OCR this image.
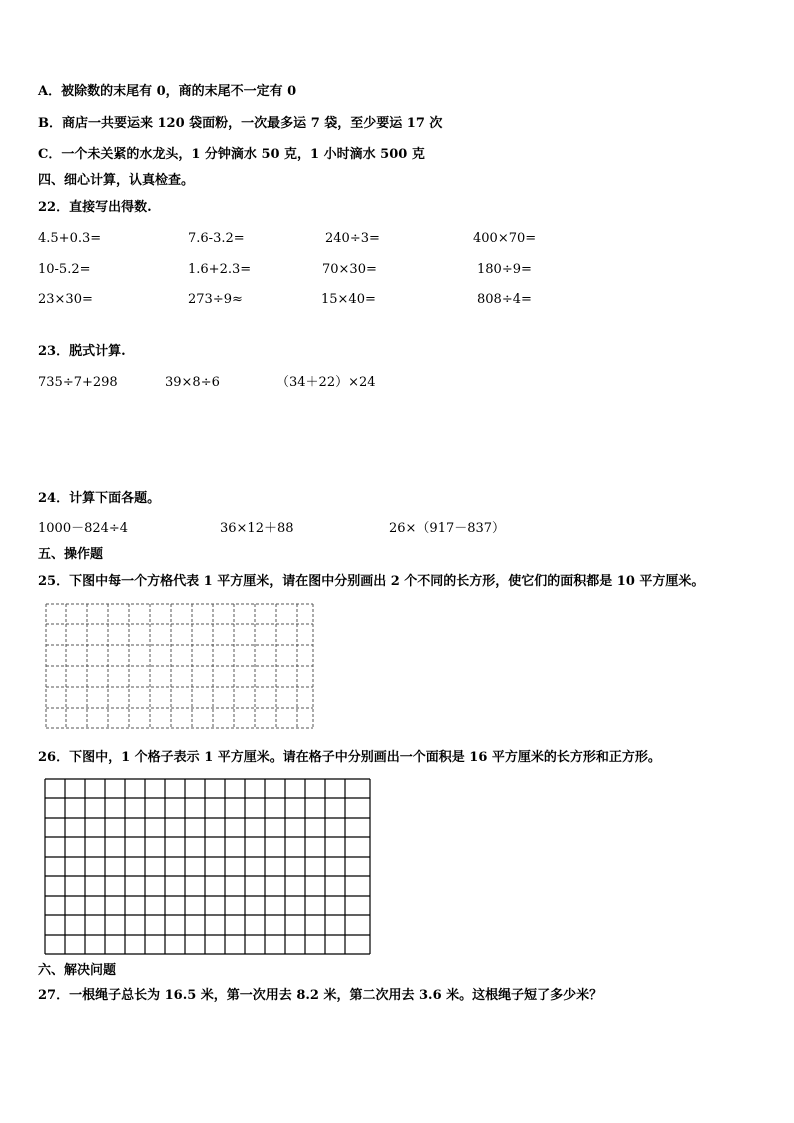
A．被除数的末尾有 0，商的末尾不一定有 0
B．商店一共要运来 120 袋面粉，一次最多运 7 袋，至少要运 17 次
C．一个未关紧的水龙头，1 分钟滴水 50 克，1 小时滴水 500 克
四、细心计算，认真检查。
22．直接写出得数.
4.5+0.3=	7.6-3.2=	240÷3=	400×70=
10-5.2=	1.6+2.3=	70×30=	180÷9=
23×30=	273÷9≈	15×40=	808÷4=
23．脱式计算.
735÷7+298	39×8÷6	（34＋22）×24
24．计算下面各题。
1000－824÷4	36×12＋88	26×（917－837）
五、操作题
25．下图中每一个方格代表 1 平方厘米，请在图中分别画出 2 个不同的长方形，使它们的面积都是 10 平方厘米。
26．下图中，1 个格子表示 1 平方厘米。请在格子中分别画出一个面积是 16 平方厘米的长方形和正方形。
六、解决问题
27．一根绳子总长为 16.5 米，第一次用去 8.2 米，第二次用去 3.6 米。这根绳子短了多少米？
